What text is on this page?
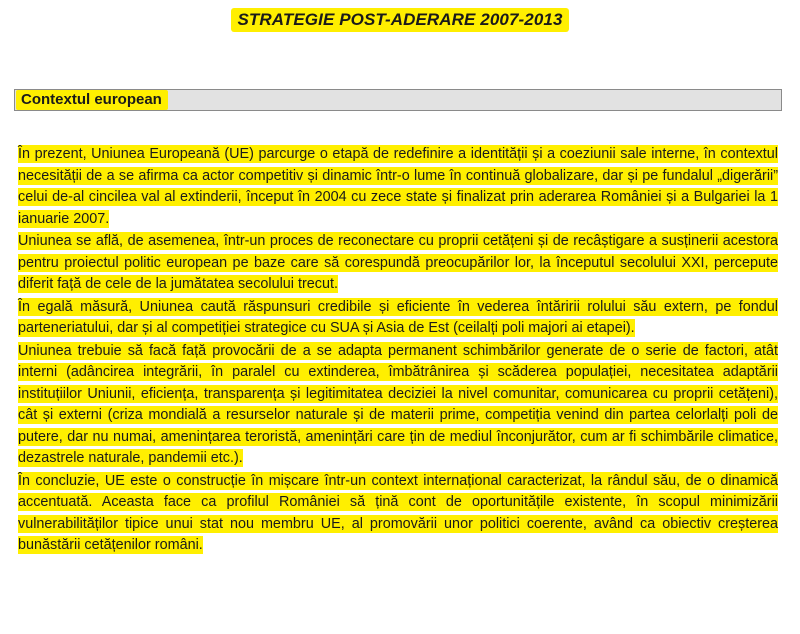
STRATEGIE POST-ADERARE 2007-2013
Contextul european

În prezent, Uniunea Europeană (UE) parcurge o etapă de redefinire a identității și a coeziunii sale interne, în contextul necesității de a se afirma ca actor competitiv și dinamic într-o lume în continuă globalizare, dar și pe fundalul „digerării” celui de-al cincilea val al extinderii, început în 2004 cu zece state și finalizat prin aderarea României și a Bulgariei la 1 ianuarie 2007.

Uniunea se află, de asemenea, într-un proces de reconectare cu proprii cetățeni și de recâștigare a susținerii acestora pentru proiectul politic european pe baze care să corespundă preocupărilor lor, la începutul secolului XXI, percepute diferit față de cele de la jumătatea secolului trecut.

În egală măsură, Uniunea caută răspunsuri credibile și eficiente în vederea întăririi rolului său extern, pe fondul parteneriatului, dar și al competiției strategice cu SUA și Asia de Est (ceilalți poli majori ai etapei).

Uniunea trebuie să facă față provocării de a se adapta permanent schimbărilor generate de o serie de factori, atât interni (adâncirea integrării, în paralel cu extinderea, îmbătrânirea și scăderea populației, necesitatea adaptării instituțiilor Uniunii, eficiența, transparența și legitimitatea deciziei la nivel comunitar, comunicarea cu proprii cetățeni), cât și externi (criza mondială a resurselor naturale și de materii prime, competiția venind din partea celorlalți poli de putere, dar nu numai, amenințarea teroristă, amenințări care țin de mediul înconjurător, cum ar fi schimbările climatice, dezastrele naturale, pandemii etc.).

În concluzie, UE este o construcție în mișcare într-un context internațional caracterizat, la rândul său, de o dinamică accentuată. Aceasta face ca profilul României să țină cont de oportunitățile existente, în scopul minimizării vulnerabilităților tipice unui stat nou membru UE, al promovării unor politici coerente, având ca obiectiv creșterea bunăstării cetățenilor români.
